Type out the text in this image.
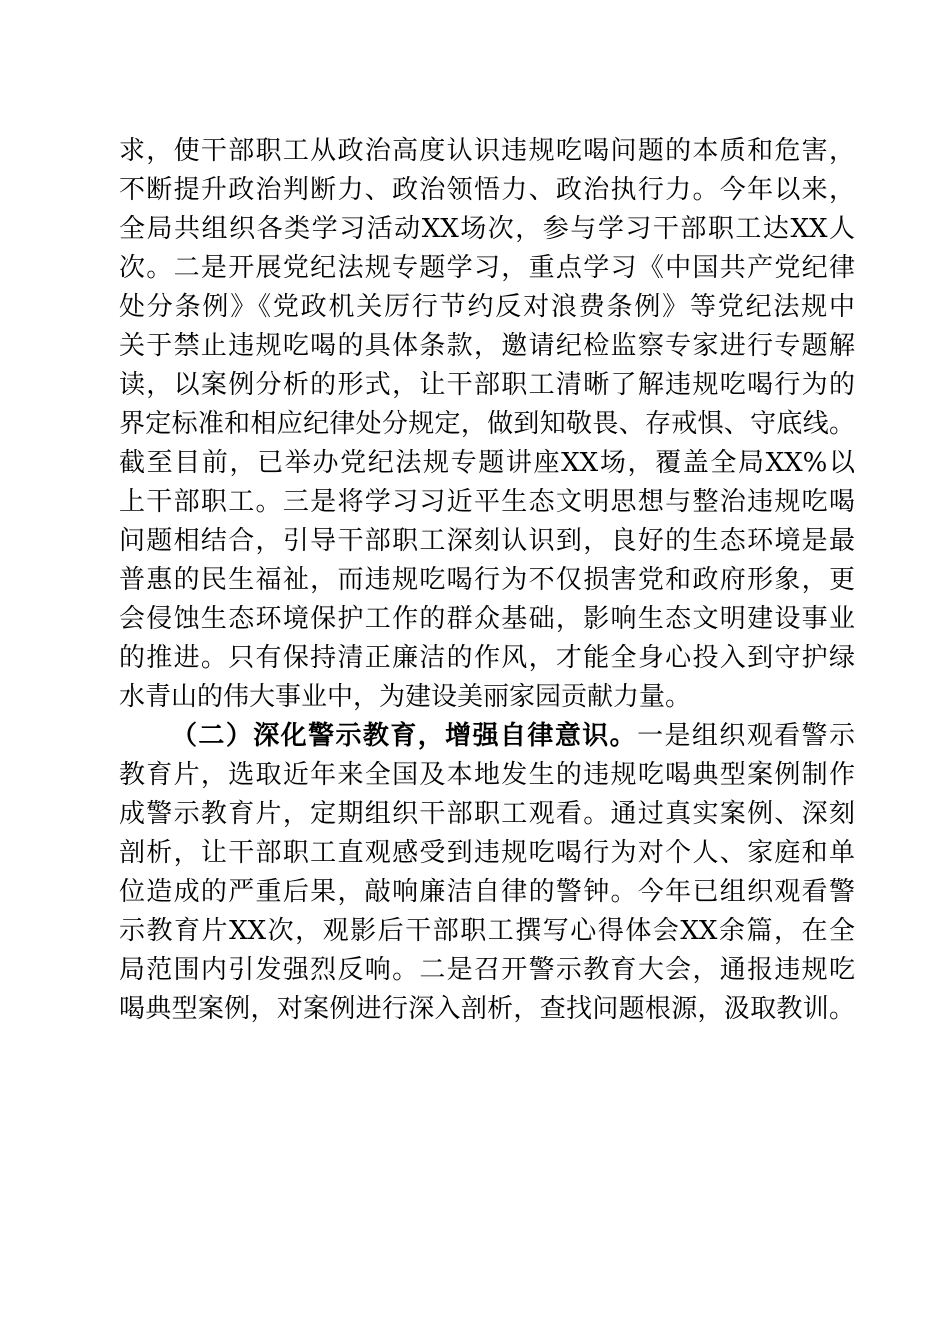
求，使干部职工从政治高度认识违规吃喝问题的本质和危害，
不断提升政治判断力、政治领悟力、政治执行力。今年以来，
全局共组织各类学习活动XX场次，参与学习干部职工达XX人
次。二是开展党纪法规专题学习，重点学习《中国共产党纪律
处分条例》《党政机关厉行节约反对浪费条例》等党纪法规中
关于禁止违规吃喝的具体条款，邀请纪检监察专家进行专题解
读，以案例分析的形式，让干部职工清晰了解违规吃喝行为的
界定标准和相应纪律处分规定，做到知敬畏、存戒惧、守底线。
截至目前，已举办党纪法规专题讲座XX场，覆盖全局XX%以
上干部职工。三是将学习习近平生态文明思想与整治违规吃喝
问题相结合，引导干部职工深刻认识到，良好的生态环境是最
普惠的民生福祉，而违规吃喝行为不仅损害党和政府形象，更
会侵蚀生态环境保护工作的群众基础，影响生态文明建设事业
的推进。只有保持清正廉洁的作风，才能全身心投入到守护绿
水青山的伟大事业中，为建设美丽家园贡献力量。
（二）深化警示教育，增强自律意识。一是组织观看警示
教育片，选取近年来全国及本地发生的违规吃喝典型案例制作
成警示教育片，定期组织干部职工观看。通过真实案例、深刻
剖析，让干部职工直观感受到违规吃喝行为对个人、家庭和单
位造成的严重后果，敲响廉洁自律的警钟。今年已组织观看警
示教育片XX次，观影后干部职工撰写心得体会XX余篇，在全
局范围内引发强烈反响。二是召开警示教育大会，通报违规吃
喝典型案例，对案例进行深入剖析，查找问题根源，汲取教训。
